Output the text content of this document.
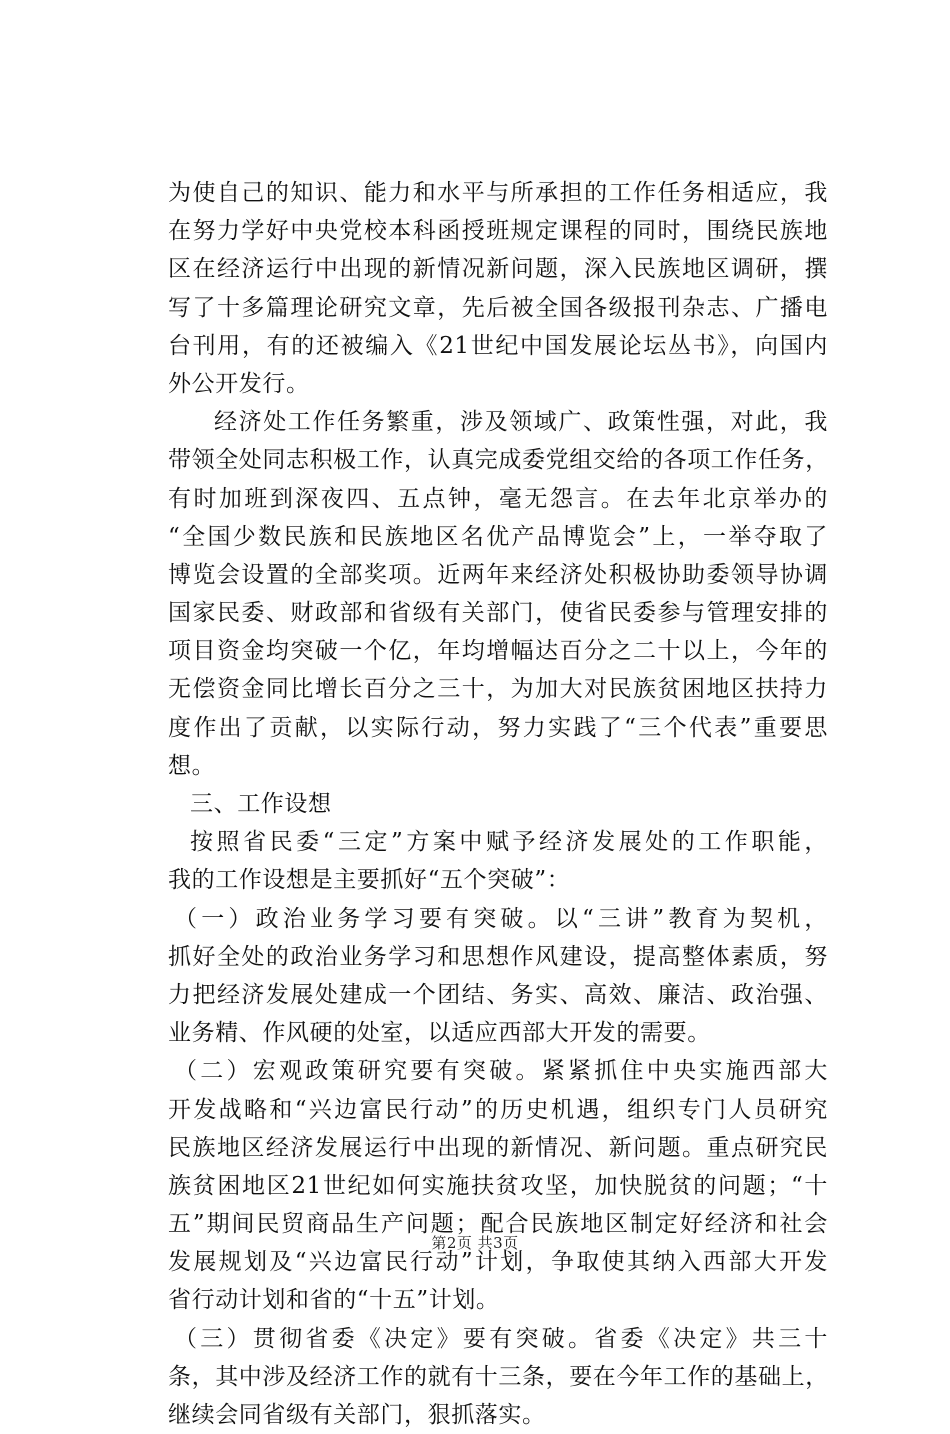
为使自己的知识、能力和水平与所承担的工作任务相适应，我
在努力学好中央党校本科函授班规定课程的同时，围绕民族地
区在经济运行中出现的新情况新问题，深入民族地区调研，撰
写了十多篇理论研究文章，先后被全国各级报刊杂志、广播电
台刊用，有的还被编入《21世纪中国发展论坛丛书》，向国内
外公开发行。
经济处工作任务繁重，涉及领域广、政策性强，对此，我
带领全处同志积极工作，认真完成委党组交给的各项工作任务，
有时加班到深夜四、五点钟，毫无怨言。在去年北京举办的
“全国少数民族和民族地区名优产品博览会”上，一举夺取了
博览会设置的全部奖项。近两年来经济处积极协助委领导协调
国家民委、财政部和省级有关部门，使省民委参与管理安排的
项目资金均突破一个亿，年均增幅达百分之二十以上，今年的
无偿资金同比增长百分之三十，为加大对民族贫困地区扶持力
度作出了贡献，以实际行动，努力实践了“三个代表”重要思
想。
三、工作设想
按照省民委“三定”方案中赋予经济发展处的工作职能，
我的工作设想是主要抓好“五个突破”：
（一）政治业务学习要有突破。以“三讲”教育为契机，
抓好全处的政治业务学习和思想作风建设，提高整体素质，努
力把经济发展处建成一个团结、务实、高效、廉洁、政治强、
业务精、作风硬的处室，以适应西部大开发的需要。
（二）宏观政策研究要有突破。紧紧抓住中央实施西部大
开发战略和“兴边富民行动”的历史机遇，组织专门人员研究
民族地区经济发展运行中出现的新情况、新问题。重点研究民
族贫困地区21世纪如何实施扶贫攻坚，加快脱贫的问题；“十
五”期间民贸商品生产问题；配合民族地区制定好经济和社会
发展规划及“兴边富民行动”计划，争取使其纳入西部大开发
省行动计划和省的“十五”计划。
（三）贯彻省委《决定》要有突破。省委《决定》共三十
条，其中涉及经济工作的就有十三条，要在今年工作的基础上，
继续会同省级有关部门，狠抓落实。
第2页 共3页
